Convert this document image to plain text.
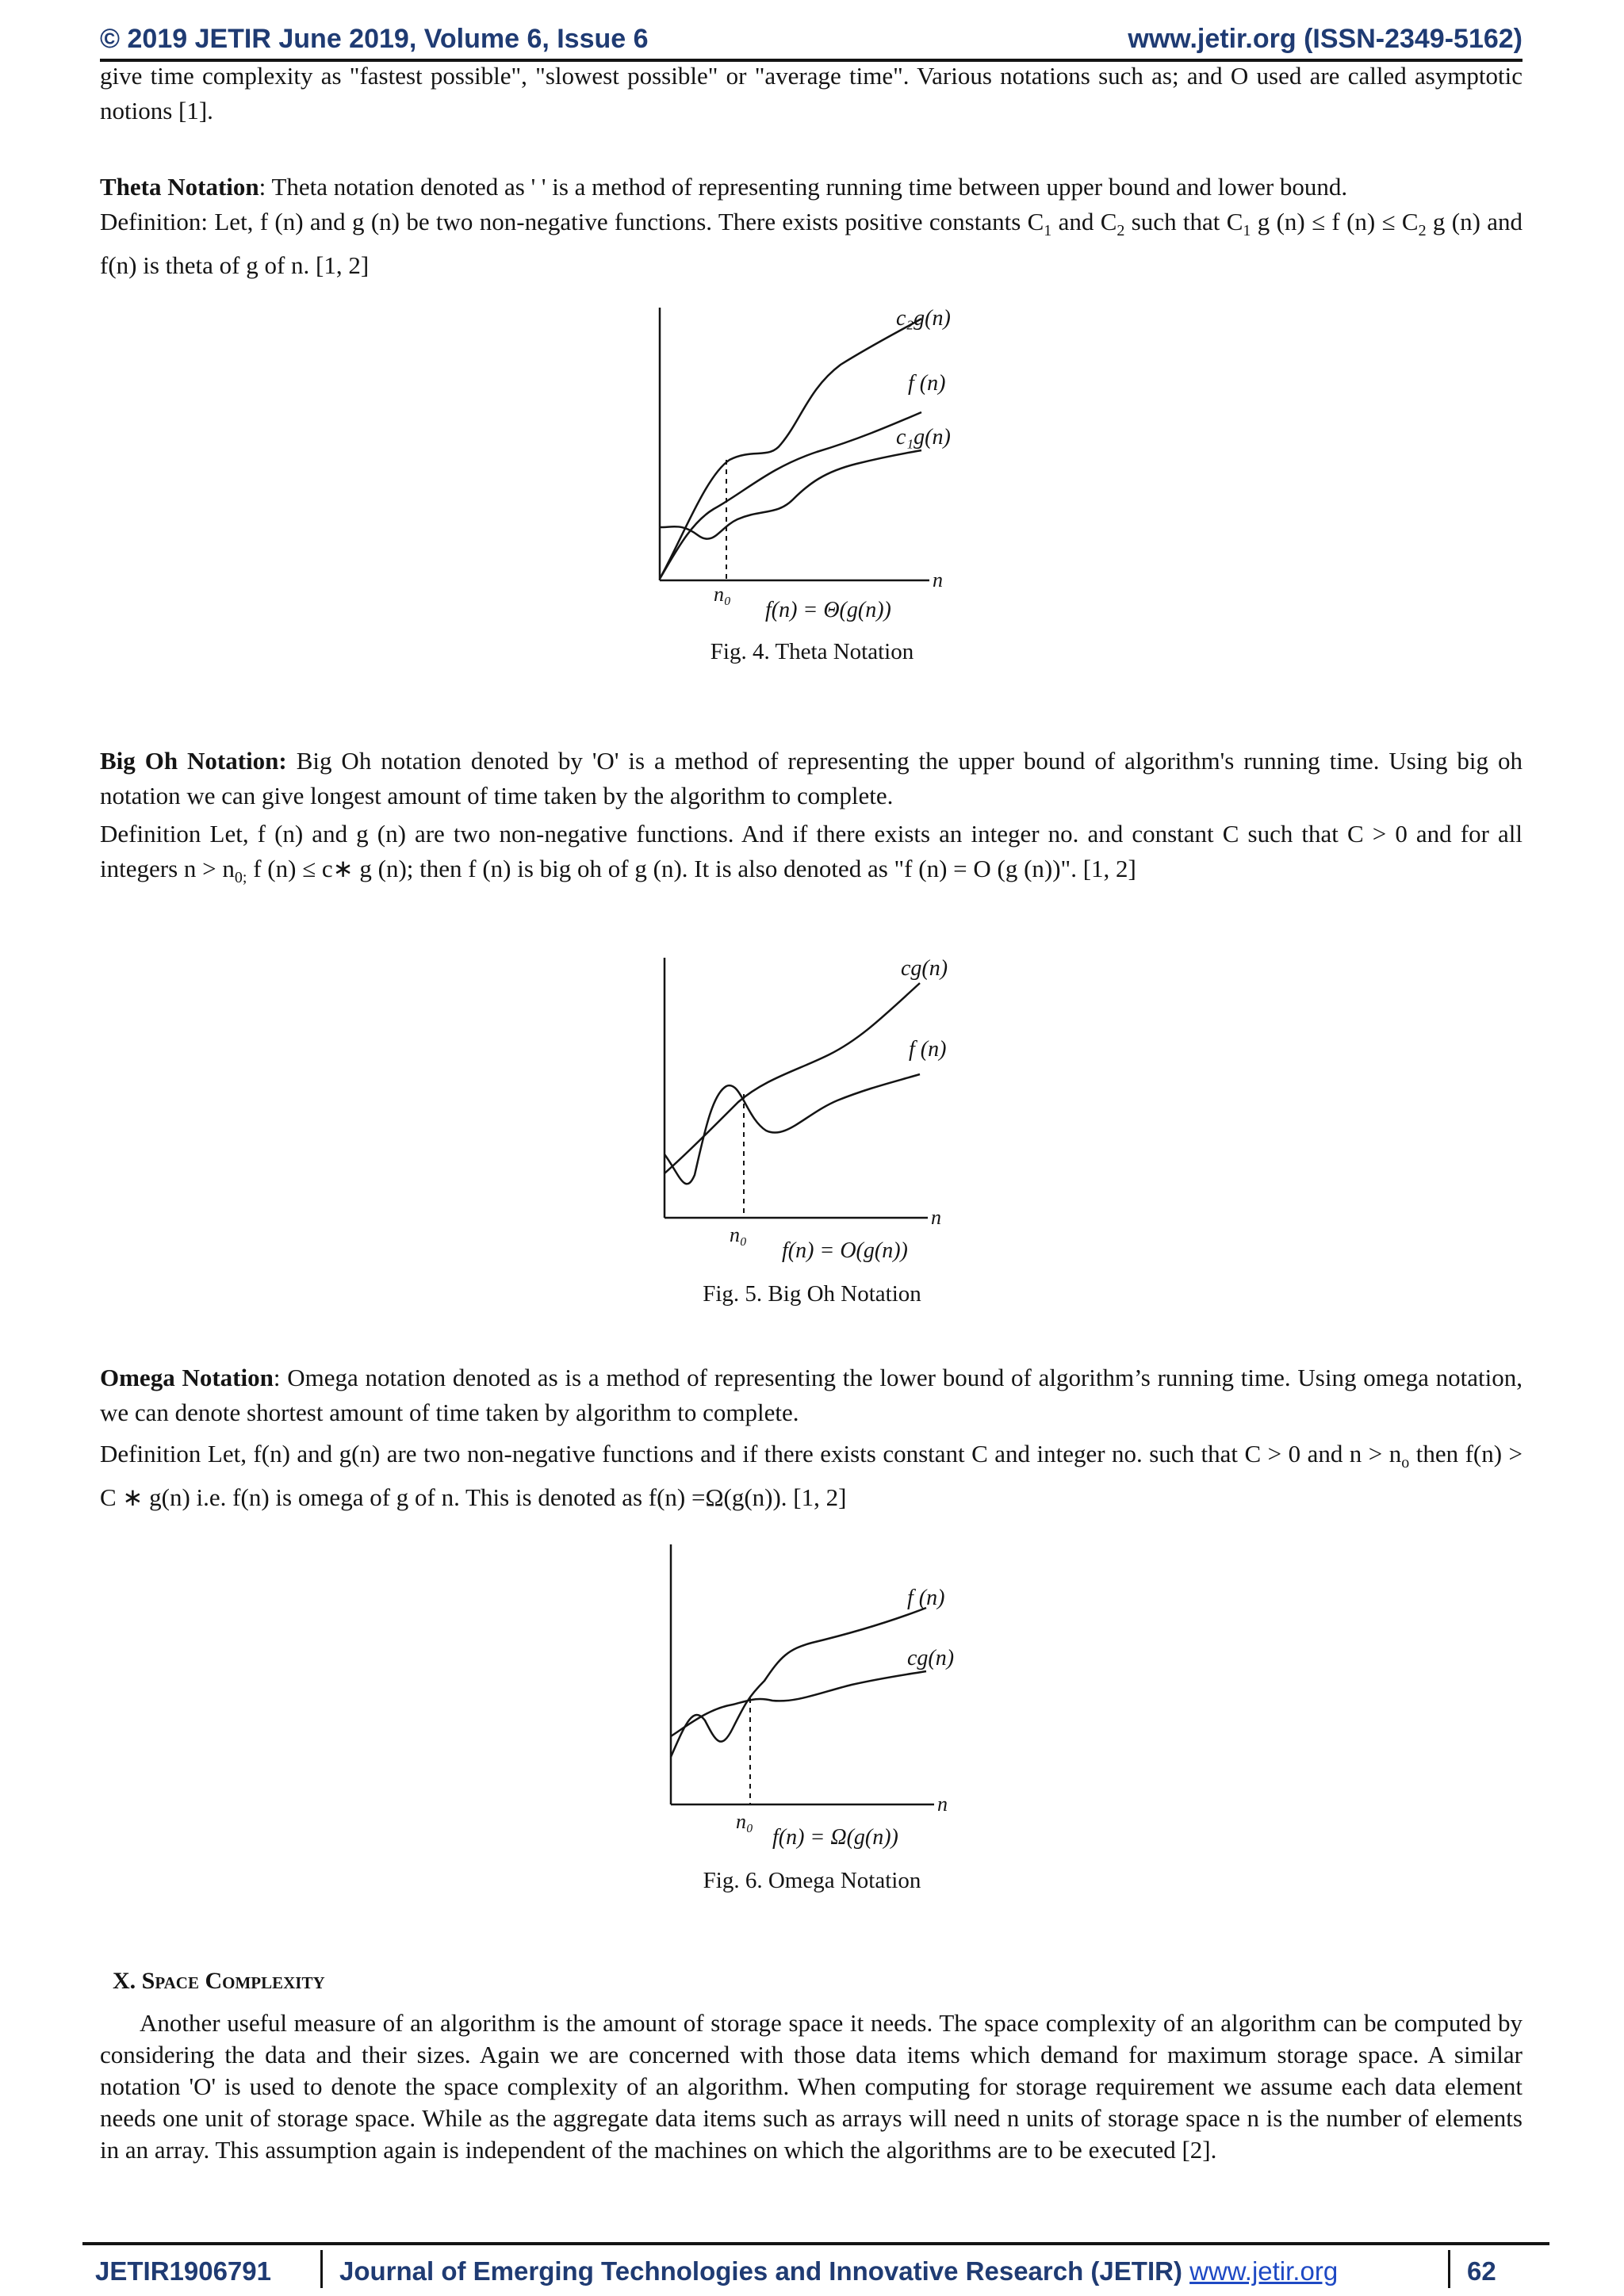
© 2019 JETIR June 2019, Volume 6, Issue 6	www.jetir.org (ISSN-2349-5162)
give time complexity as "fastest possible", "slowest possible" or "average time". Various notations such as; and O used are called asymptotic notions [1].
Theta Notation: Theta notation denoted as ' ' is a method of representing running time between upper bound and lower bound.
Definition: Let, f (n) and g (n) be two non-negative functions. There exists positive constants $C_1$ and $C_2$ such that $C_1$ g (n) ≤ f $(n) \le C_2$ g (n) and f(n) is theta of g of n. [1, 2]
c₂g(n)
f (n)
c₁g(n)
n
n₀
f(n) = Θ(g(n))
Fig. 4. Theta Notation
Big Oh Notation: Big Oh notation denoted by 'O' is a method of representing the upper bound of algorithm's running time. Using big oh notation we can give longest amount of time taken by the algorithm to complete.
Definition Let, f (n) and g (n) are two non-negative functions. And if there exists an integer no. and constant C such that C > 0 and for all integers $n > n_{0;}$ f (n) ≤ c∗ g (n); then f (n) is big oh of g (n). It is also denoted as "f (n) = O (g (n))". [1, 2]
cg(n)
f (n)
n
n₀
f(n) = O(g(n))
Fig. 5. Big Oh Notation
Omega Notation: Omega notation denoted as is a method of representing the lower bound of algorithm’s running time. Using omega notation, we can denote shortest amount of time taken by algorithm to complete.
Definition Let, f(n) and g(n) are two non-negative functions and if there exists constant C and integer no. such that C > 0 and $n > n_o$ then f(n) > C ∗ g(n) i.e. f(n) is omega of g of n. This is denoted as f(n) =Ω(g(n)). [1, 2]
f (n)
cg(n)
n
n₀
f(n) = Ω(g(n))
Fig. 6. Omega Notation
X. Space Complexity
Another useful measure of an algorithm is the amount of storage space it needs. The space complexity of an algorithm can be computed by considering the data and their sizes. Again we are concerned with those data items which demand for maximum storage space. A similar notation 'O' is used to denote the space complexity of an algorithm. When computing for storage requirement we assume each data element needs one unit of storage space. While as the aggregate data items such as arrays will need n units of storage space n is the number of elements in an array. This assumption again is independent of the machines on which the algorithms are to be executed [2].
JETIR1906791	Journal of Emerging Technologies and Innovative Research (JETIR) www.jetir.org	62
